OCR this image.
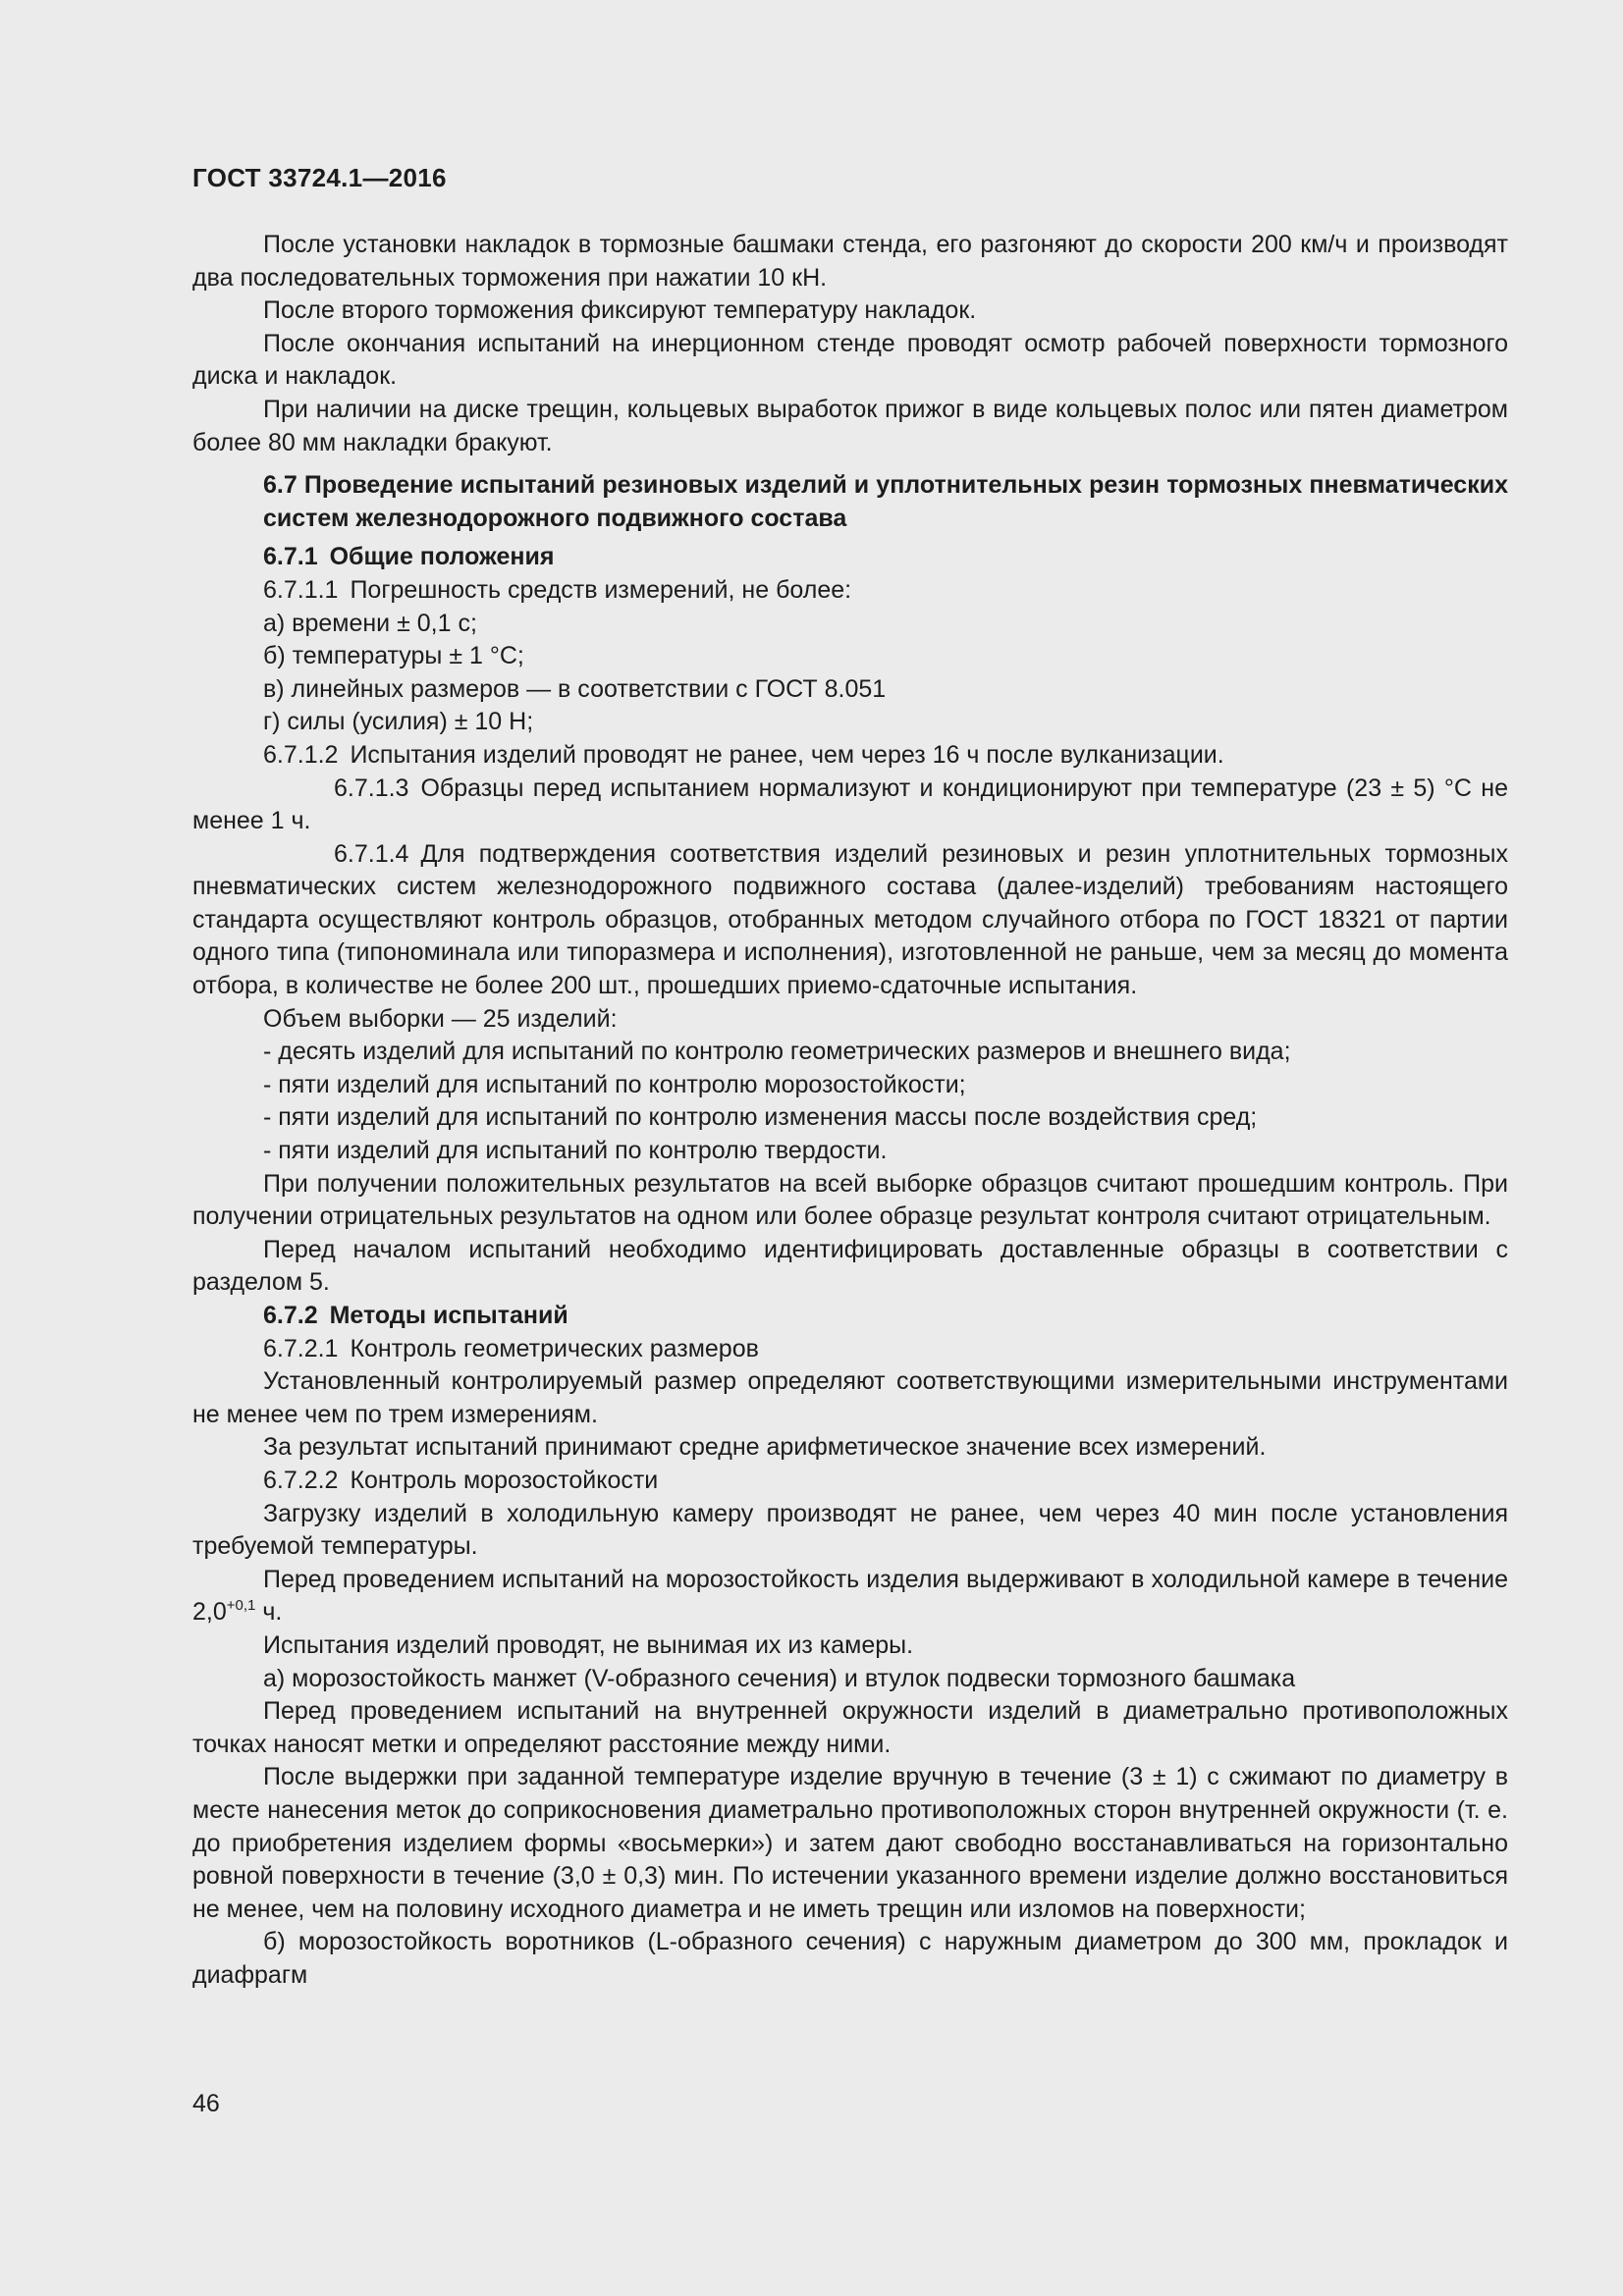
ГОСТ 33724.1—2016

После установки накладок в тормозные башмаки стенда, его разгоняют до скорости 200 км/ч и производят два последовательных торможения при нажатии 10 кН.

После второго торможения фиксируют температуру накладок.

После окончания испытаний на инерционном стенде проводят осмотр рабочей поверхности тормозного диска и накладок.

При наличии на диске трещин, кольцевых выработок прижог в виде кольцевых полос или пятен диаметром более 80 мм накладки бракуют.

6.7 Проведение испытаний резиновых изделий и уплотнительных резин тормозных пневматических систем железнодорожного подвижного состава

6.7.1 Общие положения

6.7.1.1 Погрешность средств измерений, не более:

а) времени ± 0,1 с;

б) температуры ± 1 °С;

в) линейных размеров — в соответствии с ГОСТ 8.051

г) силы (усилия) ± 10 Н;

6.7.1.2 Испытания изделий проводят не ранее, чем через 16 ч после вулканизации.

6.7.1.3 Образцы перед испытанием нормализуют и кондиционируют при температуре (23 ± 5) °С не менее 1 ч.

6.7.1.4 Для подтверждения соответствия изделий резиновых и резин уплотнительных тормозных пневматических систем железнодорожного подвижного состава (далее-изделий) требованиям настоящего стандарта осуществляют контроль образцов, отобранных методом случайного отбора по ГОСТ 18321 от партии одного типа (типономинала или типоразмера и исполнения), изготовленной не раньше, чем за месяц до момента отбора, в количестве не более 200 шт., прошедших приемо-сдаточные испытания.

Объем выборки — 25 изделий:

- десять изделий для испытаний по контролю геометрических размеров и внешнего вида;

- пяти изделий для испытаний по контролю морозостойкости;

- пяти изделий для испытаний по контролю изменения массы после воздействия сред;

- пяти изделий для испытаний по контролю твердости.

При получении положительных результатов на всей выборке образцов считают прошедшим контроль. При получении отрицательных результатов на одном или более образце результат контроля считают отрицательным.

Перед началом испытаний необходимо идентифицировать доставленные образцы в соответствии с разделом 5.

6.7.2 Методы испытаний

6.7.2.1 Контроль геометрических размеров

Установленный контролируемый размер определяют соответствующими измерительными инструментами не менее чем по трем измерениям.

За результат испытаний принимают средне арифметическое значение всех измерений.

6.7.2.2 Контроль морозостойкости

Загрузку изделий в холодильную камеру производят не ранее, чем через 40 мин после установления требуемой температуры.

Перед проведением испытаний на морозостойкость изделия выдерживают в холодильной камере в течение $2,0^{+0,1}$ ч.

Испытания изделий проводят, не вынимая их из камеры.

а) морозостойкость манжет (V-образного сечения) и втулок подвески тормозного башмака

Перед проведением испытаний на внутренней окружности изделий в диаметрально противоположных точках наносят метки и определяют расстояние между ними.

После выдержки при заданной температуре изделие вручную в течение (3 ± 1) с сжимают по диаметру в месте нанесения меток до соприкосновения диаметрально противоположных сторон внутренней окружности (т. е. до приобретения изделием формы «восьмерки») и затем дают свободно восстанавливаться на горизонтально ровной поверхности в течение (3,0 ± 0,3) мин. По истечении указанного времени изделие должно восстановиться не менее, чем на половину исходного диаметра и не иметь трещин или изломов на поверхности;

б) морозостойкость воротников (L-образного сечения) с наружным диаметром до 300 мм, прокладок и диафрагм

46
